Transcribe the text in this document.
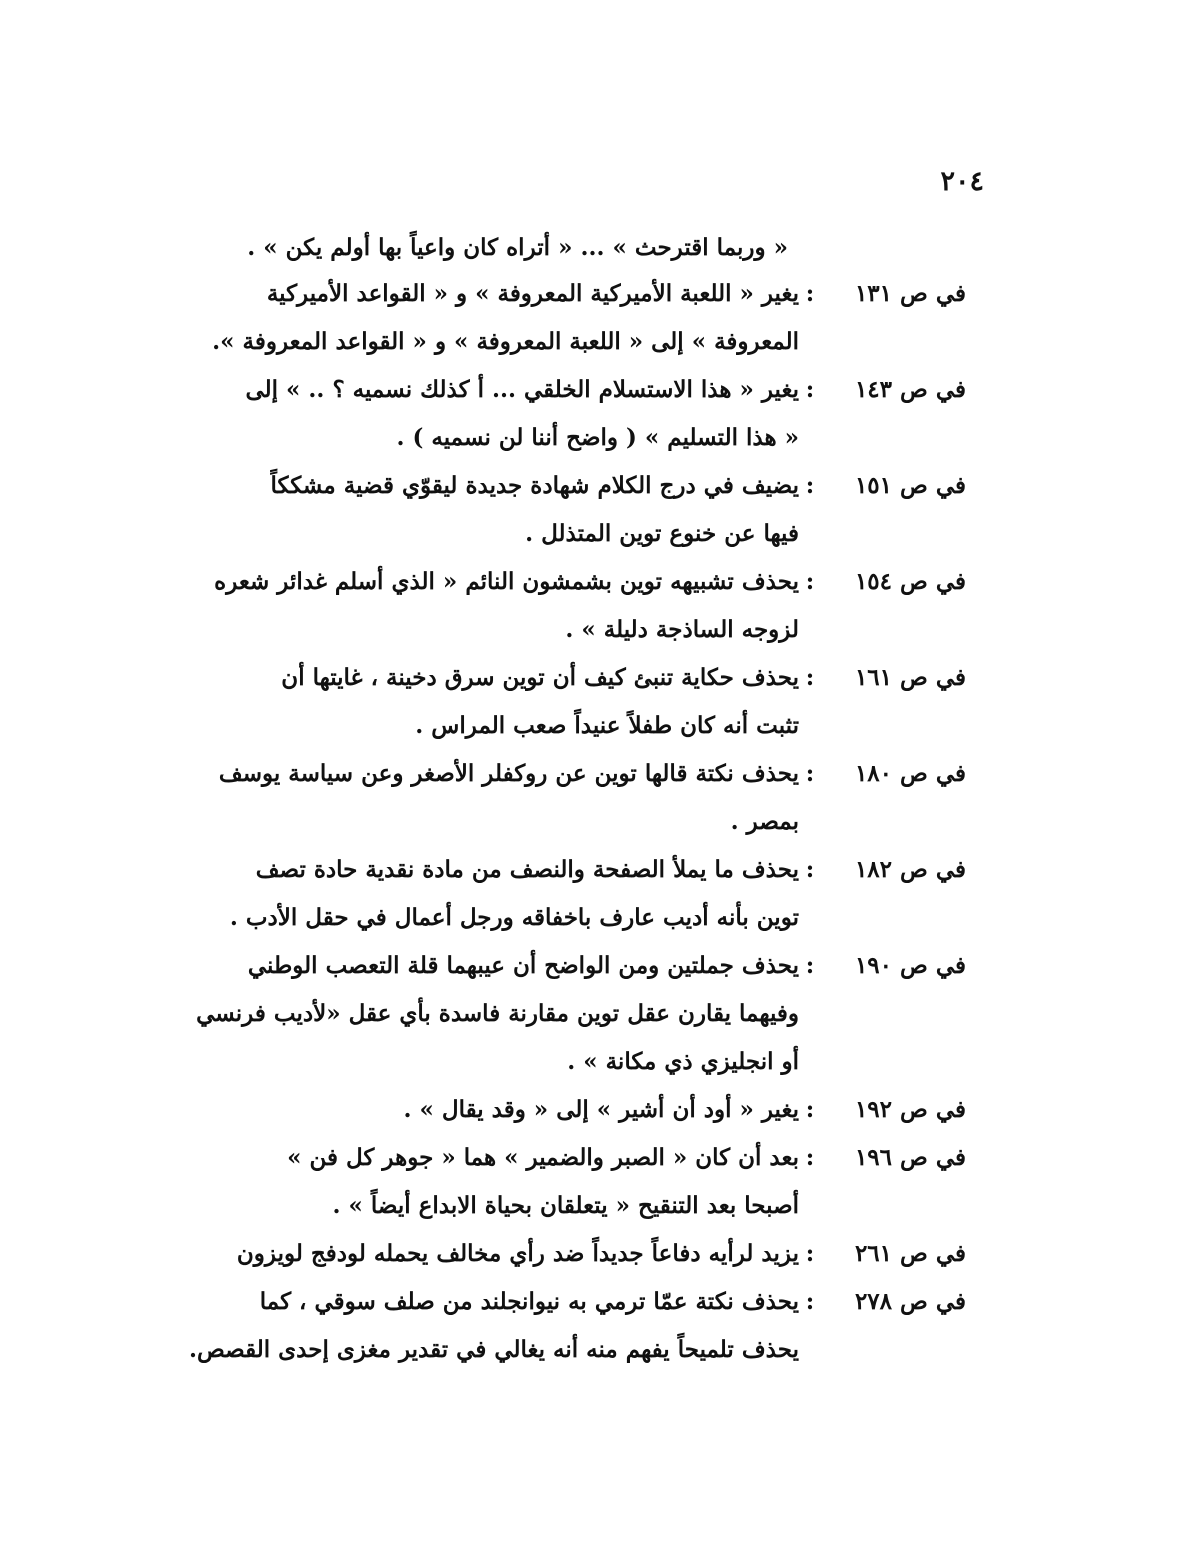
٢٠٤
« وربما اقترحث » ... « أتراه كان واعياً بها أولم يكن » .
في ص ١٣١
:
يغير « اللعبة الأميركية المعروفة » و « القواعد الأميركية
المعروفة » إلى « اللعبة المعروفة » و « القواعد المعروفة ».
في ص ١٤٣
:
يغير « هذا الاستسلام الخلقي ... أ كذلك نسميه ؟ .. » إلى
« هذا التسليم » ( واضح أننا لن نسميه ) .
في ص ١٥١
:
يضيف في درج الكلام شهادة جديدة ليقوّي قضية مشككاً
فيها عن خنوع توين المتذلل .
في ص ١٥٤
:
يحذف تشبيهه توين بشمشون النائم « الذي أسلم غدائر شعره
لزوجه الساذجة دليلة » .
في ص ١٦١
:
يحذف حكاية تنبئ كيف أن توين سرق دخينة ، غايتها أن
تثبت أنه كان طفلاً عنيداً صعب المراس .
في ص ١٨٠
:
يحذف نكتة قالها توين عن روكفلر الأصغر وعن سياسة يوسف
بمصر .
في ص ١٨٢
:
يحذف ما يملأ الصفحة والنصف من مادة نقدية حادة تصف
توين بأنه أديب عارف باخفاقه ورجل أعمال في حقل الأدب .
في ص ١٩٠
:
يحذف جملتين ومن الواضح أن عيبهما قلة التعصب الوطني
وفيهما يقارن عقل توين مقارنة فاسدة بأي عقل «لأديب فرنسي
أو انجليزي ذي مكانة » .
في ص ١٩٢
:
يغير « أود أن أشير » إلى « وقد يقال » .
في ص ١٩٦
:
بعد أن كان « الصبر والضمير » هما « جوهر كل فن »
أصبحا بعد التنقيح « يتعلقان بحياة الابداع أيضاً » .
في ص ٢٦١
:
يزيد لرأيه دفاعاً جديداً ضد رأي مخالف يحمله لودفج لويزون
في ص ٢٧٨
:
يحذف نكتة عمّا ترمي به نيوانجلند من صلف سوقي ، كما
يحذف تلميحاً يفهم منه أنه يغالي في تقدير مغزى إحدى القصص.
